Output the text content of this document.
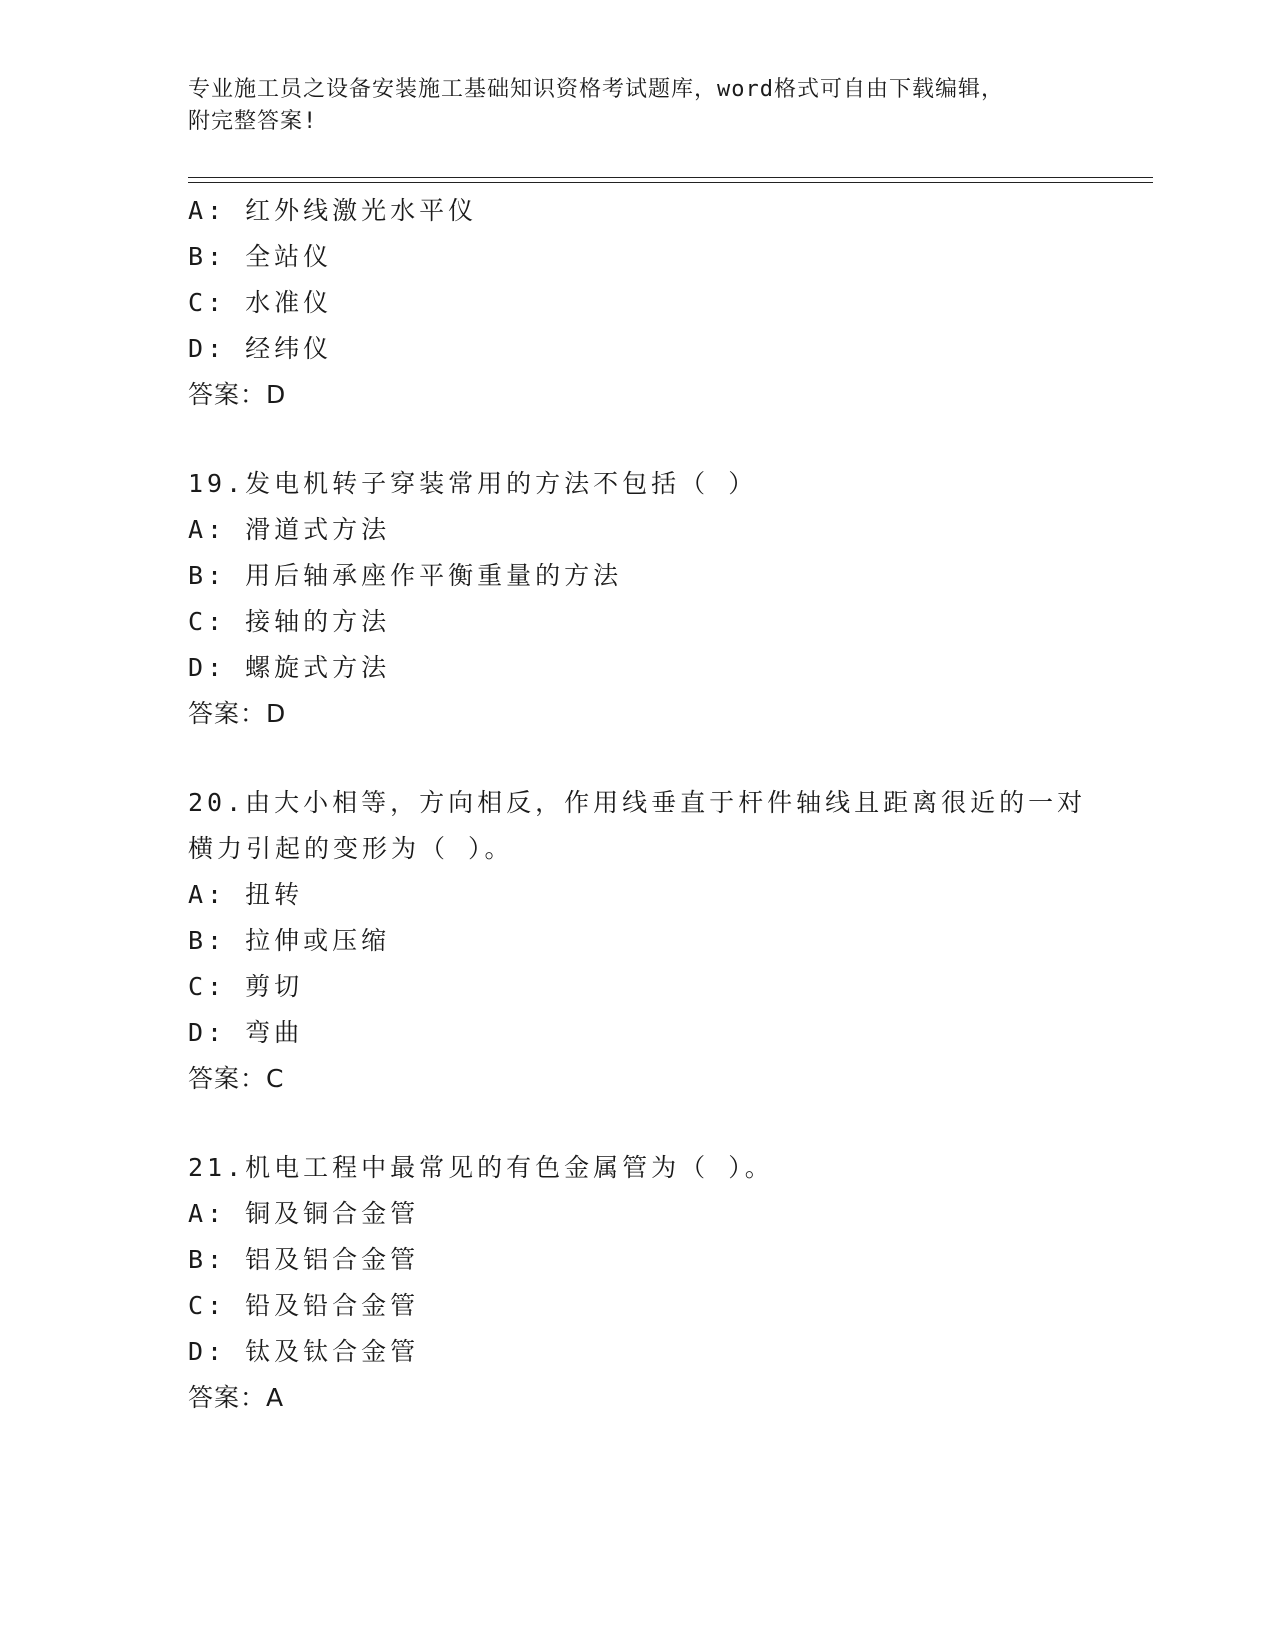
专业施工员之设备安装施工基础知识资格考试题库，word格式可自由下载编辑，
附完整答案!
A: 红外线激光水平仪
B: 全站仪
C: 水准仪
D: 经纬仪
答案：D
19.发电机转子穿装常用的方法不包括（ ）
A: 滑道式方法
B: 用后轴承座作平衡重量的方法
C: 接轴的方法
D: 螺旋式方法
答案：D
20.由大小相等，方向相反，作用线垂直于杆件轴线且距离很近的一对横力引起的变形为（ ）。
A: 扭转
B: 拉伸或压缩
C: 剪切
D: 弯曲
答案：C
21.机电工程中最常见的有色金属管为（ ）。
A: 铜及铜合金管
B: 铝及铝合金管
C: 铅及铅合金管
D: 钛及钛合金管
答案：A
